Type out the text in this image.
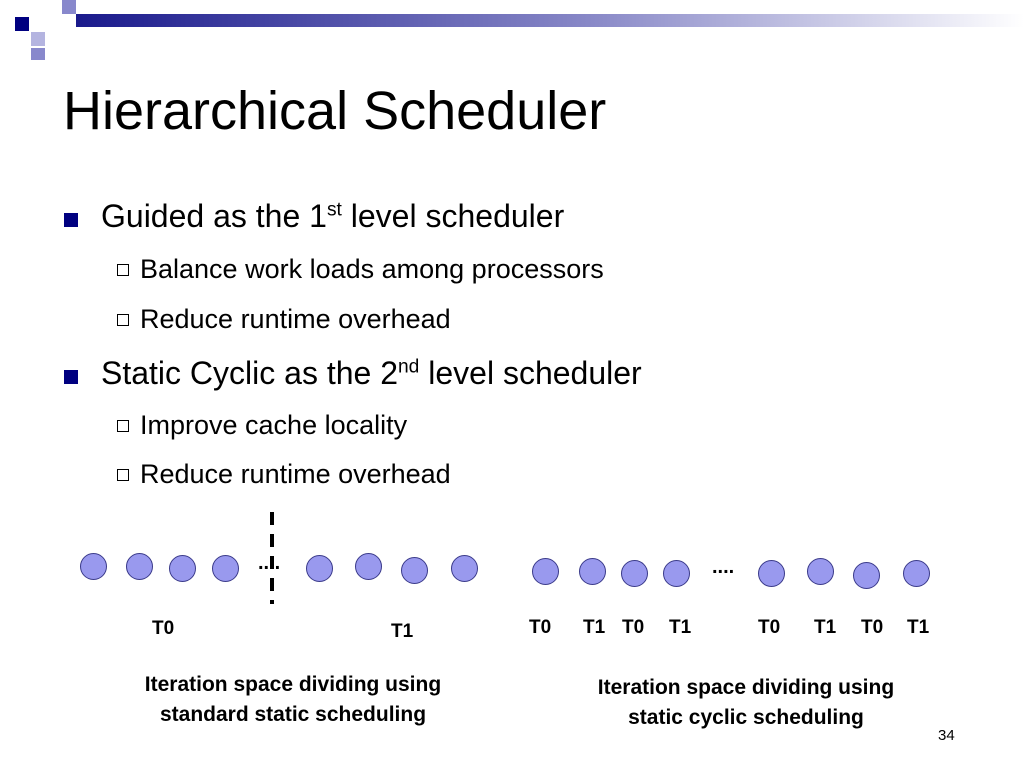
Hierarchical Scheduler
Guided as the 1st level scheduler
Balance work loads among processors
Reduce runtime overhead
Static Cyclic as the 2nd level scheduler
Improve cache locality
Reduce runtime overhead
....
T0	T1
Iteration space dividing using
standard static scheduling
....
T0 T1 T0 T1	T0 T1 T0 T1
Iteration space dividing using
static cyclic scheduling
34
